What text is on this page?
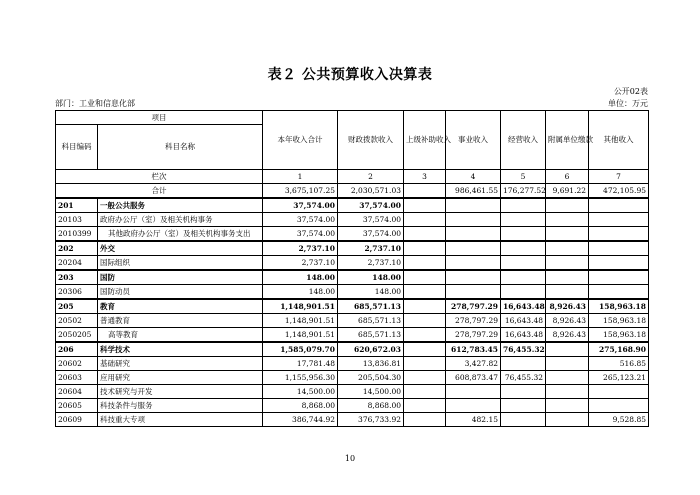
表２ 公共预算收入决算表
公开02表
部门：工业和信息化部	单位：万元
项目		本年收入合计	财政拨款收入	上级补助收入	事业收入	经营收入	附属单位缴款	其他收入
科目编码	科目名称							
栏次		1	2	3	4	5	6	7
合计		3,675,107.25	2,030,571.03		986,461.55	176,277.52	9,691.22	472,105.95
201	一般公共服务	37,574.00	37,574.00					
20103	政府办公厅（室）及相关机构事务	37,574.00	37,574.00					
2010399	其他政府办公厅（室）及相关机构事务支出	37,574.00	37,574.00					
202	外交	2,737.10	2,737.10					
20204	国际组织	2,737.10	2,737.10					
203	国防	148.00	148.00					
20306	国防动员	148.00	148.00					
205	教育	1,148,901.51	685,571.13		278,797.29	16,643.48	8,926.43	158,963.18
20502	普通教育	1,148,901.51	685,571.13		278,797.29	16,643.48	8,926.43	158,963.18
2050205	高等教育	1,148,901.51	685,571.13		278,797.29	16,643.48	8,926.43	158,963.18
206	科学技术	1,585,079.70	620,672.03		612,783.45	76,455.32		275,168.90
20602	基础研究	17,781.48	13,836.81		3,427.82			516.85
20603	应用研究	1,155,956.30	205,504.30		608,873.47	76,455.32		265,123.21
20604	技术研究与开发	14,500.00	14,500.00					
20605	科技条件与服务	8,868.00	8,868.00					
20609	科技重大专项	386,744.92	376,733.92		482.15			9,528.85
10
